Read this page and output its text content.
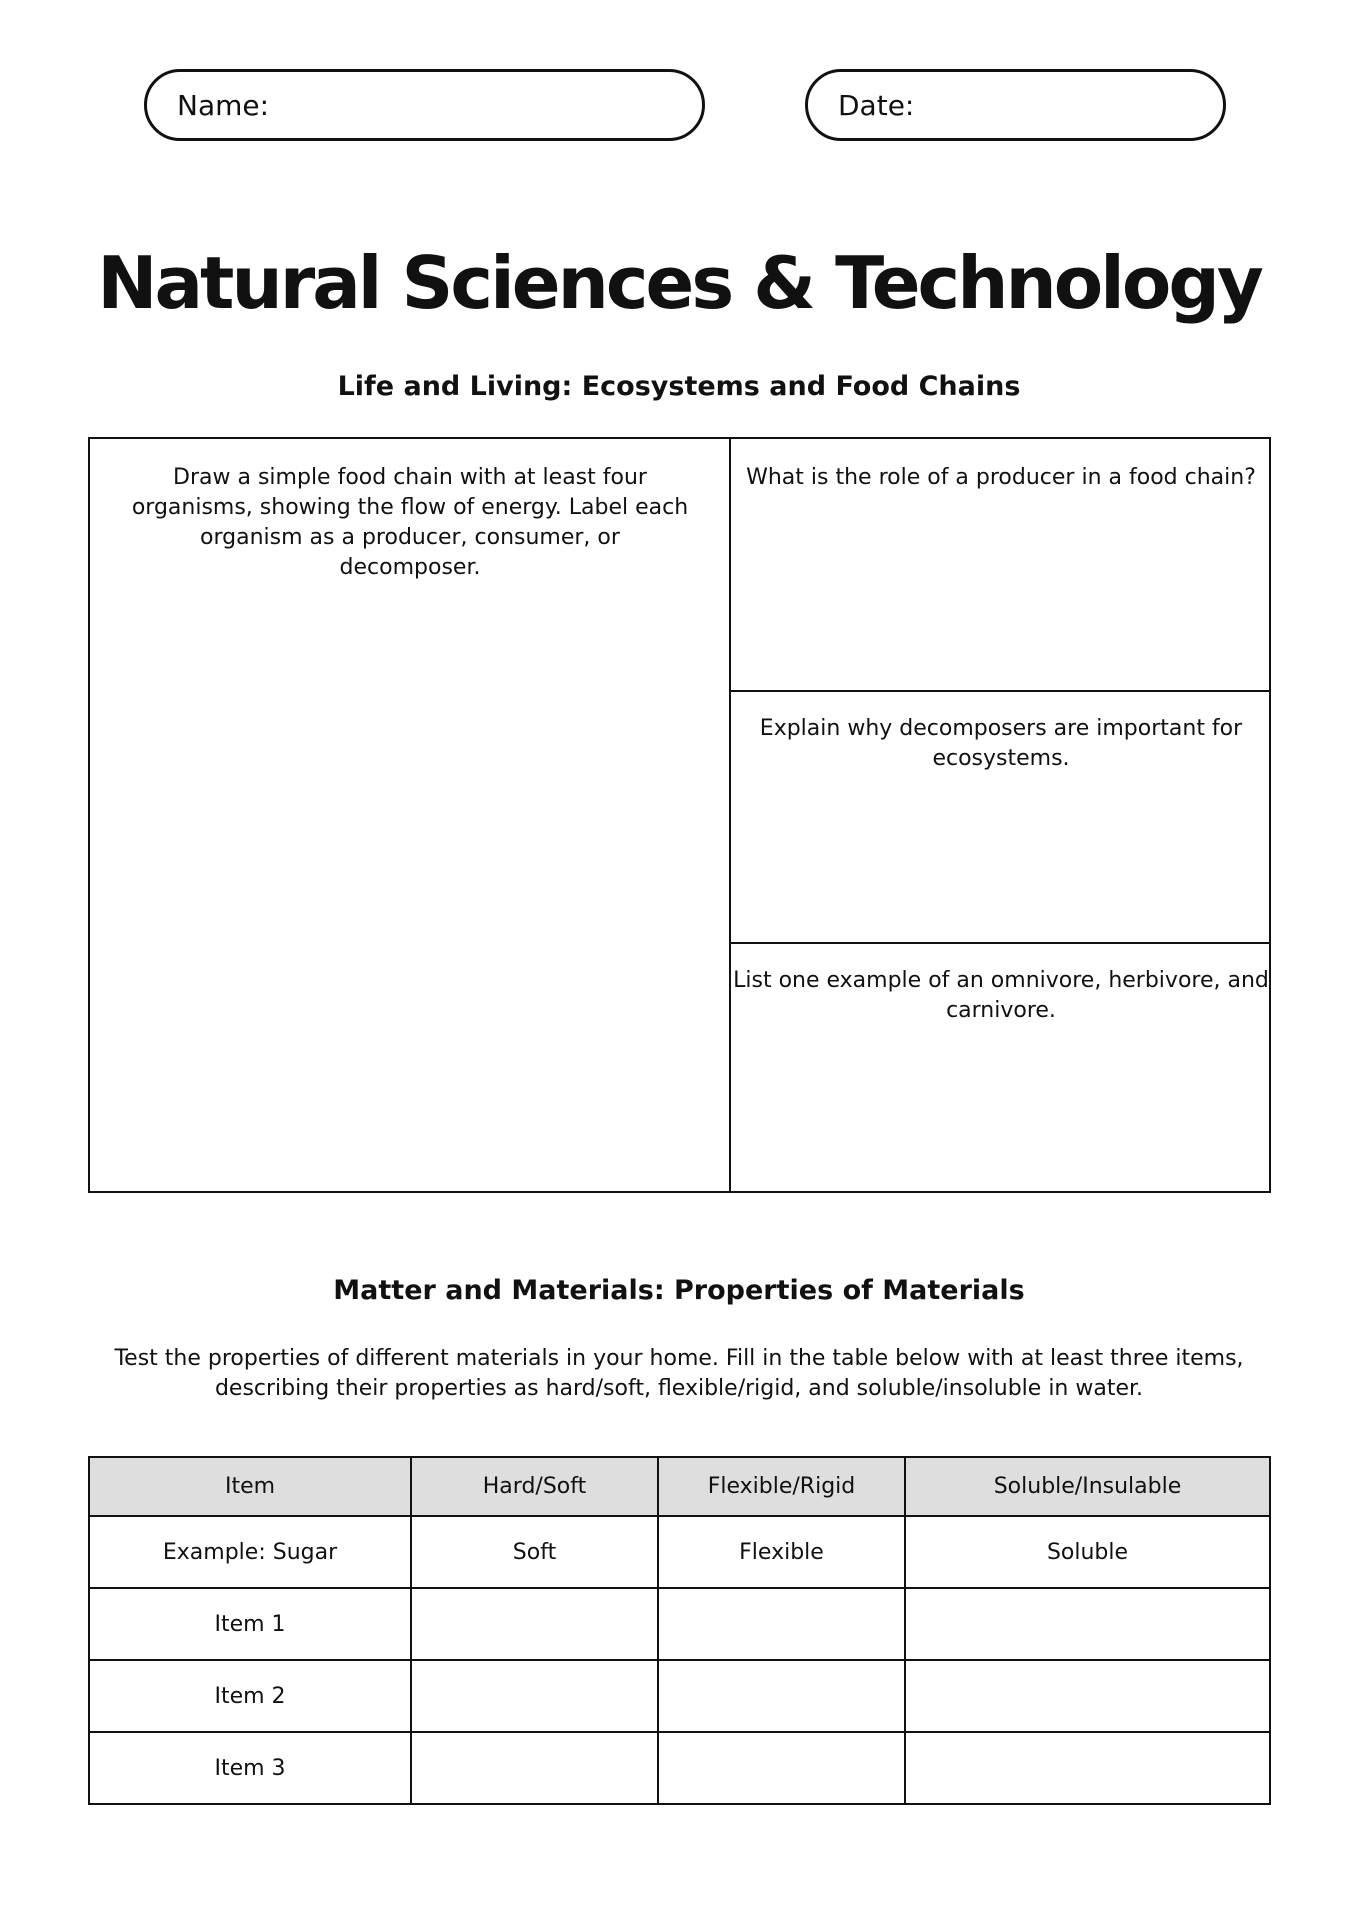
Name:	Date:
Natural Sciences & Technology
Life and Living: Ecosystems and Food Chains

Draw a simple food chain with at least four organisms, showing the flow of energy. Label each organism as a producer, consumer, or decomposer.

What is the role of a producer in a food chain?

Explain why decomposers are important for ecosystems.

List one example of an omnivore, herbivore, and carnivore.

Matter and Materials: Properties of Materials

Test the properties of different materials in your home. Fill in the table below with at least three items, describing their properties as hard/soft, flexible/rigid, and soluble/insoluble in water.

Item	Hard/Soft	Flexible/Rigid	Soluble/Insulable
Example: Sugar	Soft	Flexible	Soluble
Item 1			
Item 2			
Item 3			
